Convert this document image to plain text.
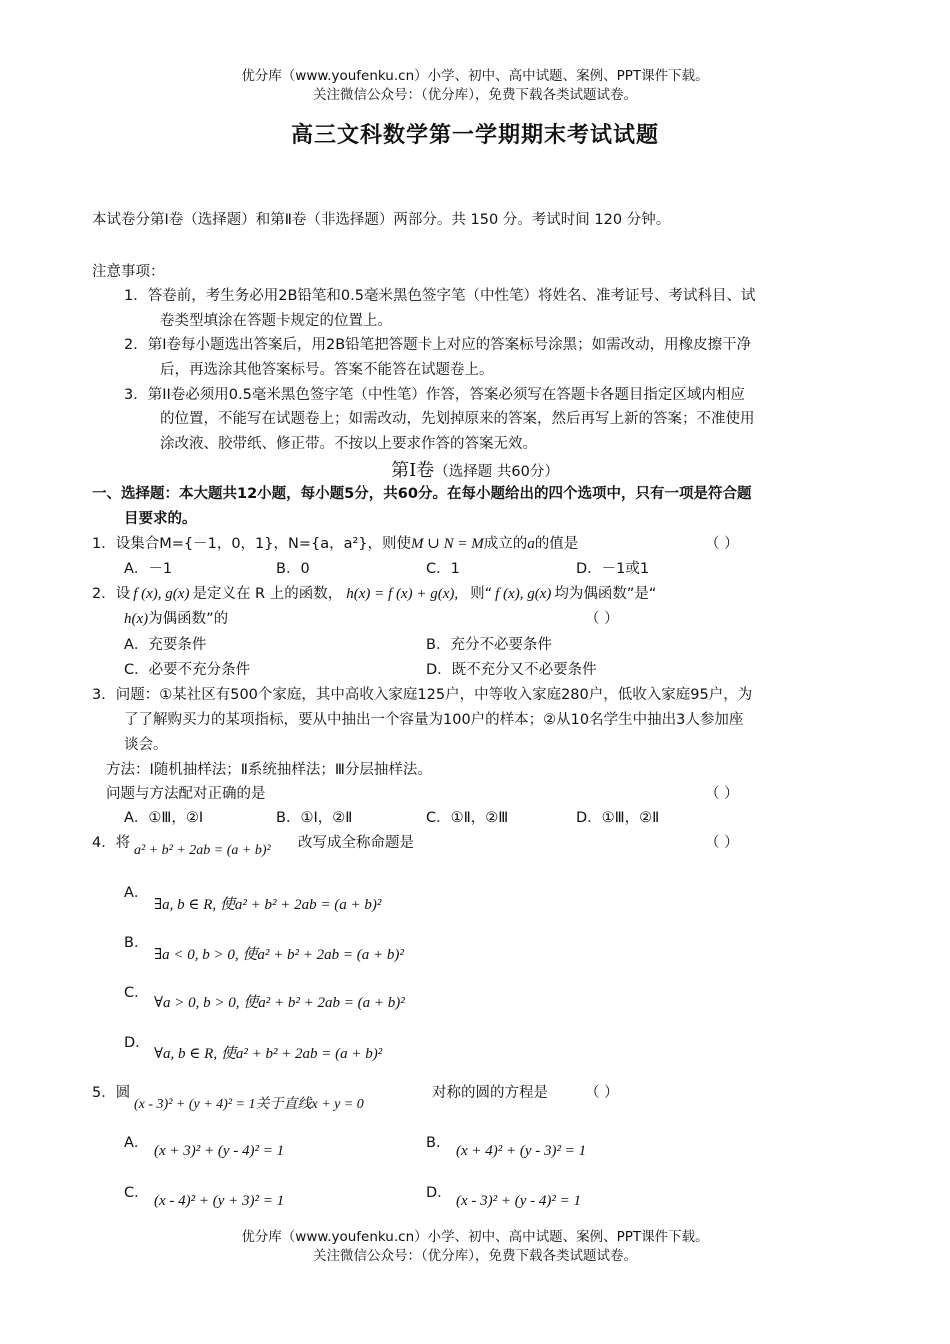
优分库（www.youfenku.cn）小学、初中、高中试题、案例、PPT课件下载。
关注微信公众号：（优分库），免费下载各类试题试卷。
高三文科数学第一学期期末考试试题
本试卷分第Ⅰ卷（选择题）和第Ⅱ卷（非选择题）两部分。共 150 分。考试时间 120 分钟。
注意事项：
1．答卷前，考生务必用2B铅笔和0.5毫米黑色签字笔（中性笔）将姓名、准考证号、考试科目、试
卷类型填涂在答题卡规定的位置上。
2．第I卷每小题选出答案后，用2B铅笔把答题卡上对应的答案标号涂黑；如需改动，用橡皮擦干净
后，再选涂其他答案标号。答案不能答在试题卷上。
3．第II卷必须用0.5毫米黑色签字笔（中性笔）作答，答案必须写在答题卡各题目指定区域内相应
的位置，不能写在试题卷上；如需改动，先划掉原来的答案，然后再写上新的答案；不准使用
涂改液、胶带纸、修正带。不按以上要求作答的答案无效。
第Ⅰ卷（选择题 共60分）
一、选择题：本大题共12小题，每小题5分，共60分。在每小题给出的四个选项中，只有一项是符合题
目要求的。
1．设集合M={－1，0，1}，N={a，a²}，则使M ∪ N = M成立的a的值是	（ ）
A．－1	B．0	C．1	D．－1或1
2．设 f (x), g(x) 是定义在 R 上的函数， h(x) = f (x) + g(x), 则“ f (x), g(x) 均为偶函数”是“
h(x)为偶函数”的	（ ）
A．充要条件	B．充分不必要条件
C．必要不充分条件	D．既不充分又不必要条件
3．问题：①某社区有500个家庭，其中高收入家庭125户，中等收入家庭280户，低收入家庭95户，为
了了解购买力的某项指标，要从中抽出一个容量为100户的样本；②从10名学生中抽出3人参加座
谈会。
方法：Ⅰ随机抽样法；Ⅱ系统抽样法；Ⅲ分层抽样法。
问题与方法配对正确的是	（ ）
A．①Ⅲ，②Ⅰ	B．①Ⅰ，②Ⅱ	C．①Ⅱ，②Ⅲ	D．①Ⅲ，②Ⅱ
4．将 a² + b² + 2ab = (a + b)² 改写成全称命题是	（ ）
A．
∃a, b ∈ R, 使a² + b² + 2ab = (a + b)²
B．
∃a < 0, b > 0, 使a² + b² + 2ab = (a + b)²
C．
∀a > 0, b > 0, 使a² + b² + 2ab = (a + b)²
D．
∀a, b ∈ R, 使a² + b² + 2ab = (a + b)²
5．圆
(x - 3)² + (y + 4)² = 1关于直线x + y = 0
对称的圆的方程是	（ ）
A． (x + 3)² + (y - 4)² = 1	B． (x + 4)² + (y - 3)² = 1
C． (x - 4)² + (y + 3)² = 1	D． (x - 3)² + (y - 4)² = 1
优分库（www.youfenku.cn）小学、初中、高中试题、案例、PPT课件下载。
关注微信公众号：（优分库），免费下载各类试题试卷。
